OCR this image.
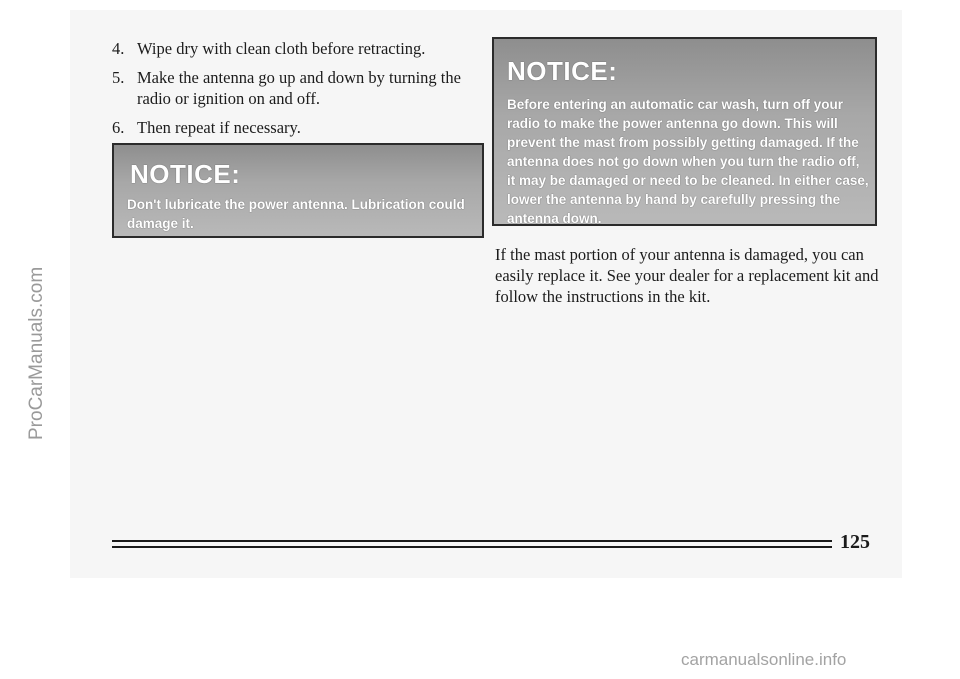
4. Wipe dry with clean cloth before retracting.
5. Make the antenna go up and down by turning the radio or ignition on and off.
6. Then repeat if necessary.
NOTICE:
Don't lubricate the power antenna. Lubrication could damage it.
NOTICE:
Before entering an automatic car wash, turn off your radio to make the power antenna go down. This will prevent the mast from possibly getting damaged. If the antenna does not go down when you turn the radio off, it may be damaged or need to be cleaned. In either case, lower the antenna by hand by carefully pressing the antenna down.

If the mast portion of your antenna is damaged, you can easily replace it. See your dealer for a replacement kit and follow the instructions in the kit.

125
ProCarManuals.com
carmanualsonline.info
